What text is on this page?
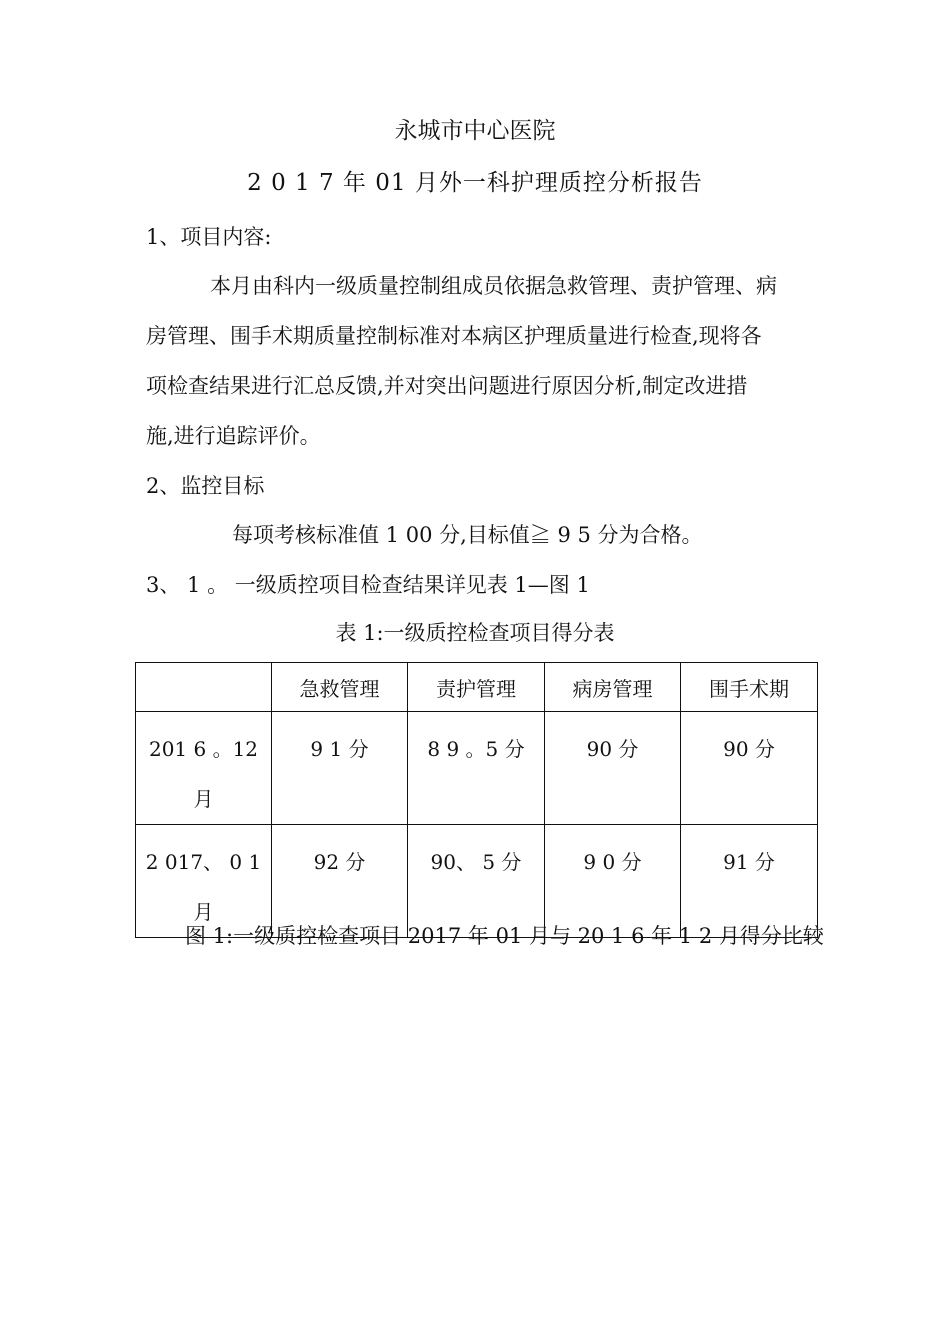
永城市中心医院
2 0 1 7 年 01 月外一科护理质控分析报告
1、项目内容:
本月由科内一级质量控制组成员依据急救管理、责护管理、病
房管理、围手术期质量控制标准对本病区护理质量进行检查,现将各
项检查结果进行汇总反馈,并对突出问题进行原因分析,制定改进措
施,进行追踪评价。
2、监控目标
每项考核标准值 1 00 分,目标值≧ 9 5 分为合格。
3、 1 。 一级质控项目检查结果详见表 1—图 1
表 1:一级质控检查项目得分表
	急救管理	责护管理	病房管理	围手术期

201 6 。12
月	9 1 分	8 9 。5 分	90 分	90 分

2 017、 0 1
月	92 分	90、 5 分	9 0 分	91 分
图 1:一级质控检查项目 2017 年 01 月与 20 1 6 年 1 2 月得分比较
